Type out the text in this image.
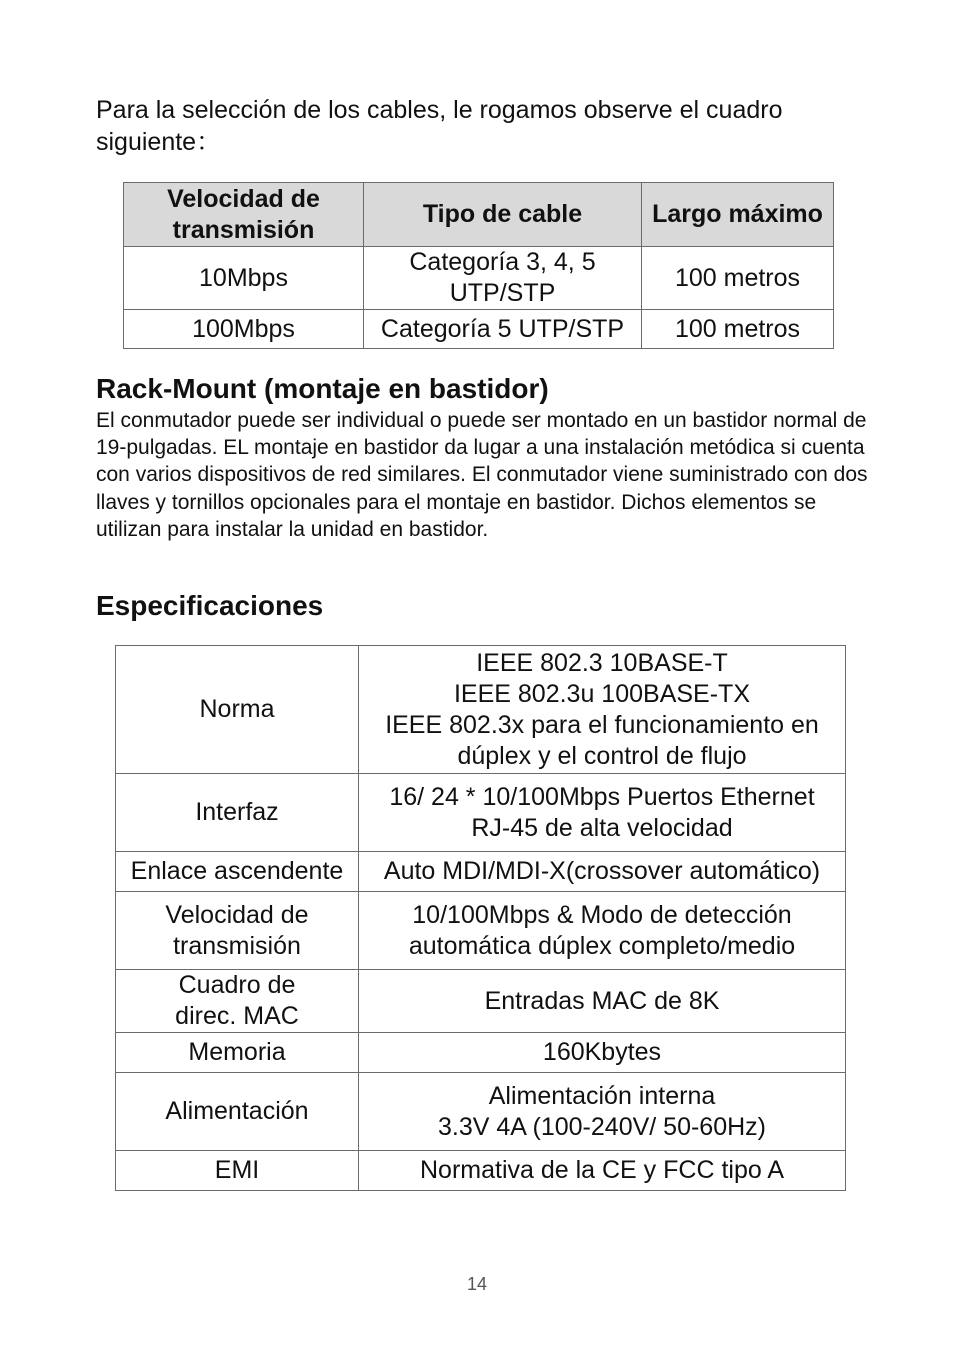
Para la selección de los cables, le rogamos observe el cuadro siguiente：

Velocidad de transmisión	Tipo de cable	Largo máximo
10Mbps	Categoría 3, 4, 5 UTP/STP	100 metros
100Mbps	Categoría 5 UTP/STP	100 metros
Rack-Mount (montaje en bastidor)

El conmutador puede ser individual o puede ser montado en un bastidor normal de 19-pulgadas. EL montaje en bastidor da lugar a una instalación metódica si cuenta con varios dispositivos de red similares. El conmutador viene suministrado con dos llaves y tornillos opcionales para el montaje en bastidor. Dichos elementos se utilizan para instalar la unidad en bastidor.

Especificaciones
Norma	IEEE 802.3 10BASE-T
IEEE 802.3u 100BASE-TX
IEEE 802.3x para el funcionamiento en
dúplex y el control de flujo

Interfaz	16/ 24 * 10/100Mbps Puertos Ethernet
RJ-45 de alta velocidad

Enlace ascendente	Auto MDI/MDI-X(crossover automático)

Velocidad de transmisión	10/100Mbps & Modo de detección
automática dúplex completo/medio

Cuadro de direc. MAC	Entradas MAC de 8K

Memoria	160Kbytes

Alimentación	Alimentación interna
3.3V 4A (100-240V/ 50-60Hz)

EMI	Normativa de la CE y FCC tipo A
14
